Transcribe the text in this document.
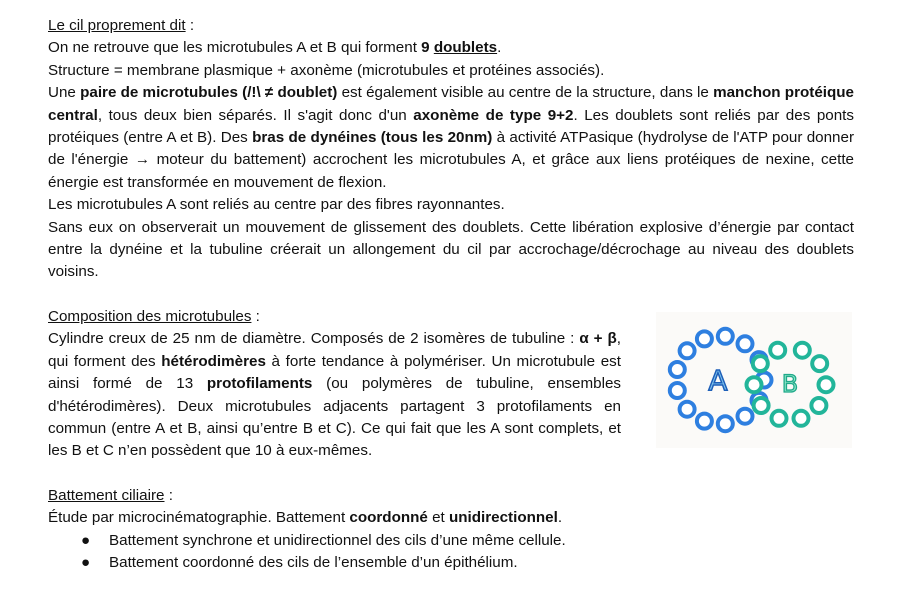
Le cil proprement dit :

On ne retrouve que les microtubules A et B qui forment 9 doublets.

Structure = membrane plasmique + axonème (microtubules et protéines associés).

Une paire de microtubules (/!\ ≠ doublet) est également visible au centre de la structure, dans le manchon protéique central, tous deux bien séparés. Il s'agit donc d'un axonème de type 9+2. Les doublets sont reliés par des ponts protéiques (entre A et B). Des bras de dynéines (tous les 20nm) à activité ATPasique (hydrolyse de l'ATP pour donner de l'énergie → moteur du battement) accrochent les microtubules A, et grâce aux liens protéiques de nexine, cette énergie est transformée en mouvement de flexion.

Les microtubules A sont reliés au centre par des fibres rayonnantes.

Sans eux on observerait un mouvement de glissement des doublets. Cette libération explosive d’énergie par contact entre la dynéine et la tubuline créerait un allongement du cil par accrochage/décrochage au niveau des doublets voisins.

Composition des microtubules :

Cylindre creux de 25 nm de diamètre. Composés de 2 isomères de tubuline : α + β, qui forment des hétérodimères à forte tendance à polymériser. Un microtubule est ainsi formé de 13 protofilaments (ou polymères de tubuline, ensembles d'hétérodimères). Deux microtubules adjacents partagent 3 protofilaments en commun (entre A et B, ainsi qu’entre B et C). Ce qui fait que les A sont complets, et les B et C n’en possèdent que 10 à eux-mêmes.

A B

Battement ciliaire :

Étude par microcinématographie. Battement coordonné et unidirectionnel.

● Battement synchrone et unidirectionnel des cils d’une même cellule.
● Battement coordonné des cils de l’ensemble d’un épithélium.
